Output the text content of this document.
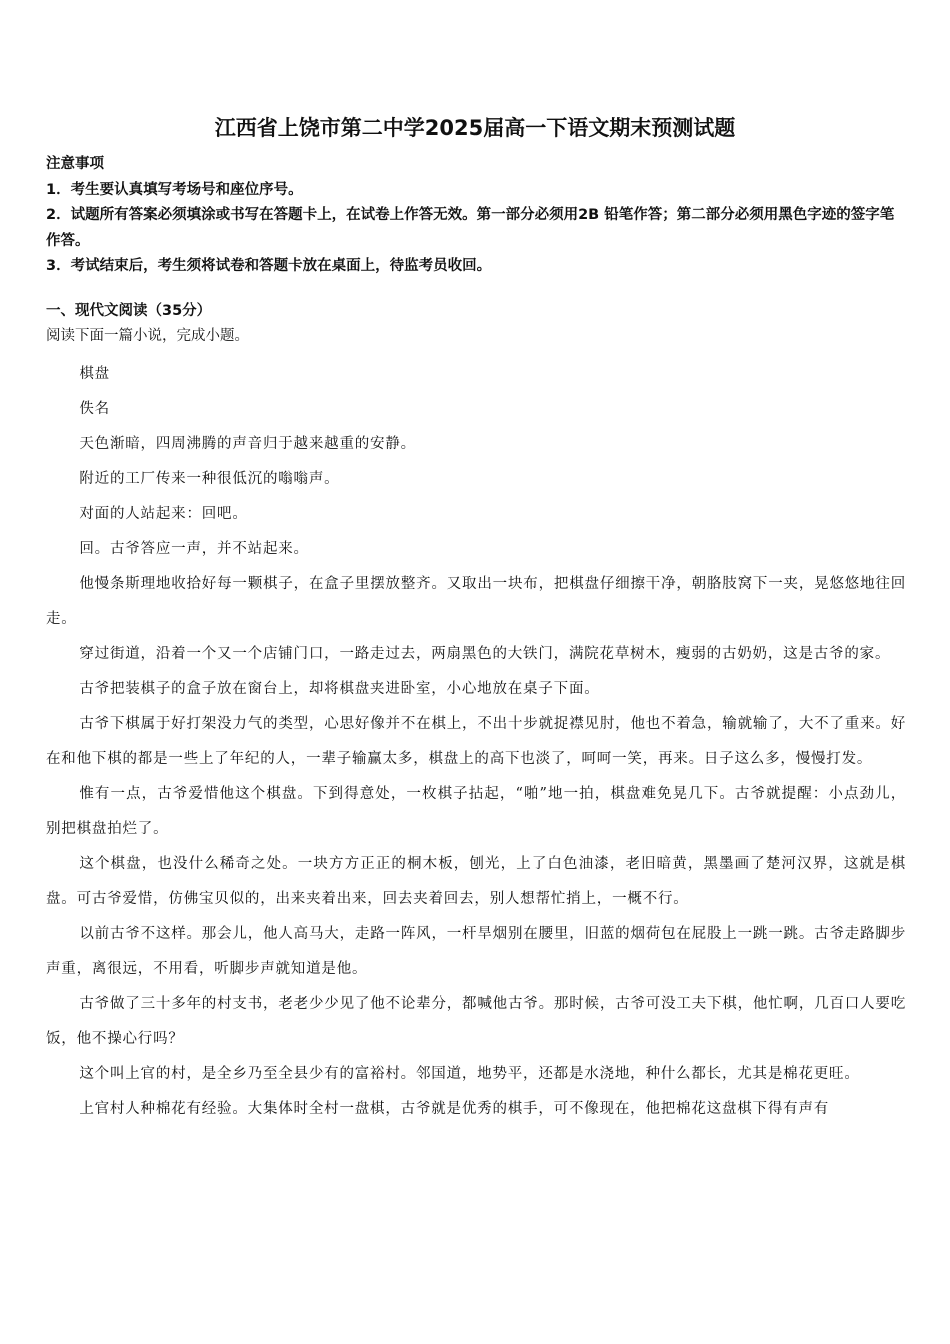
江西省上饶市第二中学2025届高一下语文期末预测试题

注意事项

1．考生要认真填写考场号和座位序号。

2．试题所有答案必须填涂或书写在答题卡上，在试卷上作答无效。第一部分必须用2B 铅笔作答；第二部分必须用黑色字迹的签字笔作答。

3．考试结束后，考生须将试卷和答题卡放在桌面上，待监考员收回。

一、现代文阅读（35分）
阅读下面一篇小说，完成小题。

棋盘

佚名

天色渐暗，四周沸腾的声音归于越来越重的安静。

附近的工厂传来一种很低沉的嗡嗡声。

对面的人站起来：回吧。

回。古爷答应一声，并不站起来。

他慢条斯理地收拾好每一颗棋子，在盒子里摆放整齐。又取出一块布，把棋盘仔细擦干净，朝胳肢窝下一夹，晃悠悠地往回走。

穿过街道，沿着一个又一个店铺门口，一路走过去，两扇黑色的大铁门，满院花草树木，瘦弱的古奶奶，这是古爷的家。

古爷把装棋子的盒子放在窗台上，却将棋盘夹进卧室，小心地放在桌子下面。

古爷下棋属于好打架没力气的类型，心思好像并不在棋上，不出十步就捉襟见肘，他也不着急，输就输了，大不了重来。好在和他下棋的都是一些上了年纪的人，一辈子输赢太多，棋盘上的高下也淡了，呵呵一笑，再来。日子这么多，慢慢打发。

惟有一点，古爷爱惜他这个棋盘。下到得意处，一枚棋子拈起，“啪”地一拍，棋盘难免晃几下。古爷就提醒：小点劲儿，别把棋盘拍烂了。

这个棋盘，也没什么稀奇之处。一块方方正正的桐木板，刨光，上了白色油漆，老旧暗黄，黑墨画了楚河汉界，这就是棋盘。可古爷爱惜，仿佛宝贝似的，出来夹着出来，回去夹着回去，别人想帮忙捎上，一概不行。

以前古爷不这样。那会儿，他人高马大，走路一阵风，一杆旱烟别在腰里，旧蓝的烟荷包在屁股上一跳一跳。古爷走路脚步声重，离很远，不用看，听脚步声就知道是他。

古爷做了三十多年的村支书，老老少少见了他不论辈分，都喊他古爷。那时候，古爷可没工夫下棋，他忙啊，几百口人要吃饭，他不操心行吗？

这个叫上官的村，是全乡乃至全县少有的富裕村。邻国道，地势平，还都是水浇地，种什么都长，尤其是棉花更旺。

上官村人种棉花有经验。大集体时全村一盘棋，古爷就是优秀的棋手，可不像现在，他把棉花这盘棋下得有声有
